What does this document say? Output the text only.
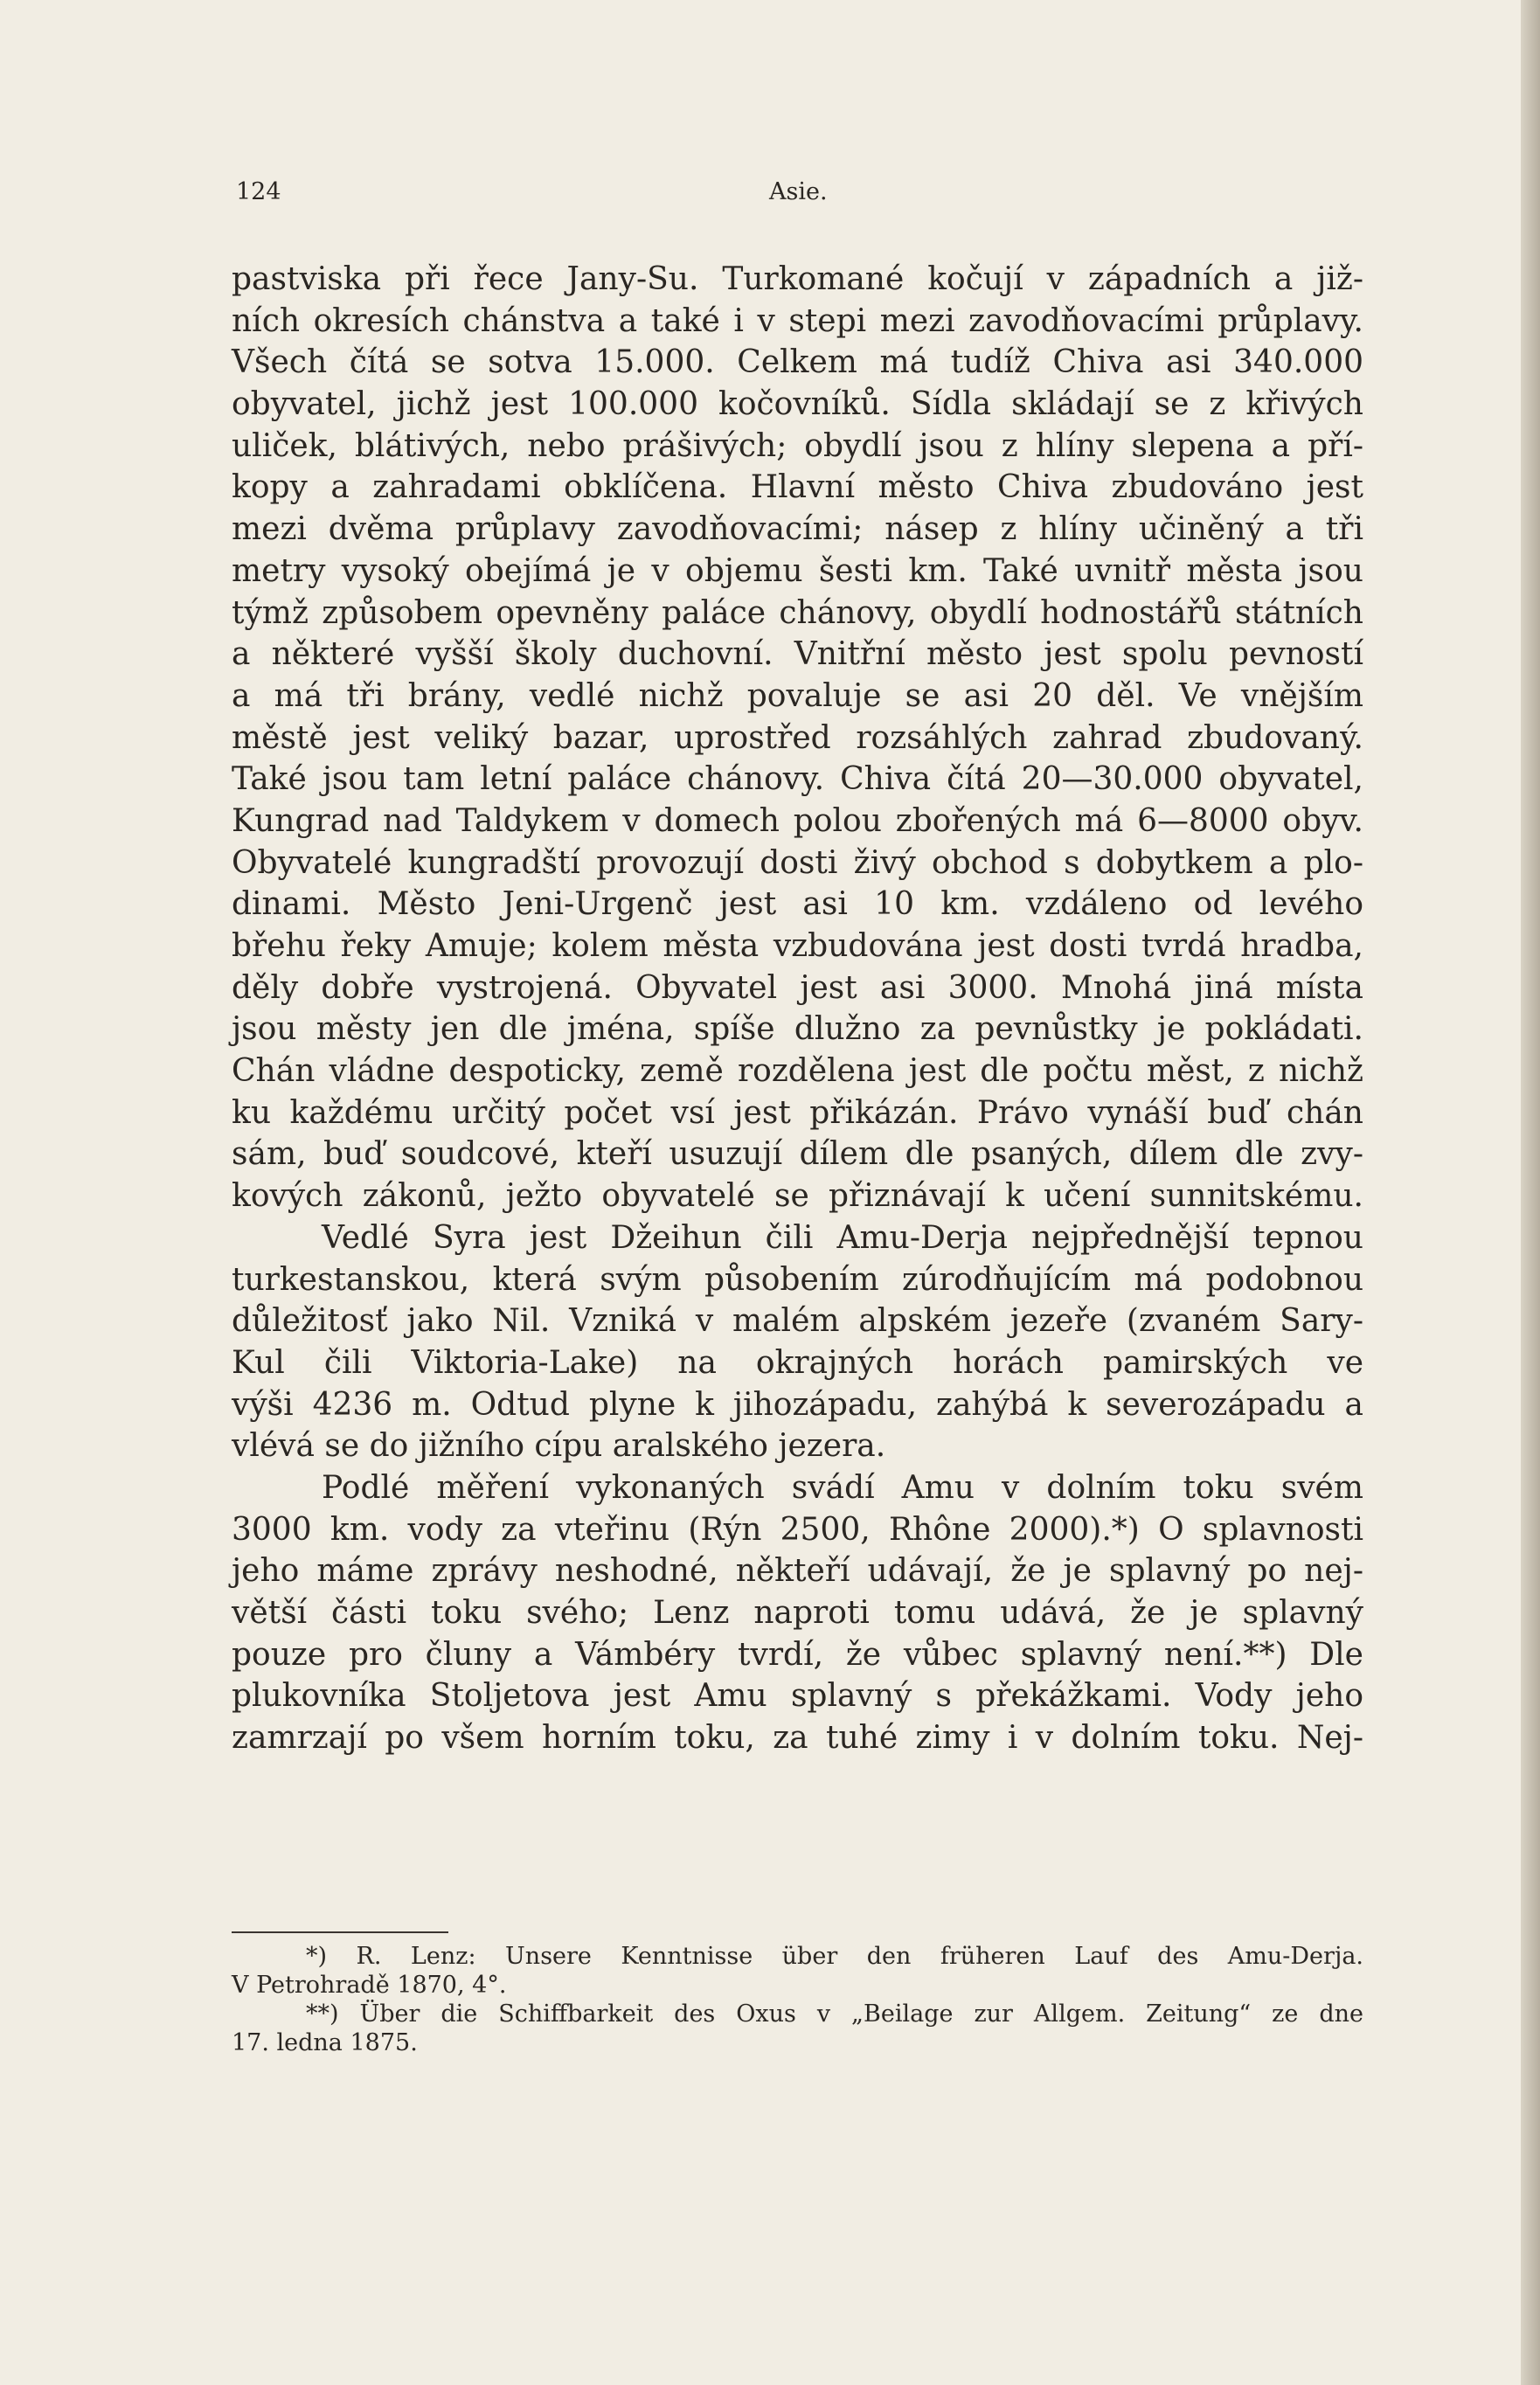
124	Asie.
pastviska při řece Jany-Su. Turkomané kočují v západních a již-
ních okresích chánstva a také i v stepi mezi zavodňovacími průplavy.
Všech čítá se sotva 15.000. Celkem má tudíž Chiva asi 340.000
obyvatel, jichž jest 100.000 kočovníků. Sídla skládají se z křivých
uliček, blátivých, nebo prášivých; obydlí jsou z hlíny slepena a pří-
kopy a zahradami obklíčena. Hlavní město Chiva zbudováno jest
mezi dvěma průplavy zavodňovacími; násep z hlíny učiněný a tři
metry vysoký obejímá je v objemu šesti km. Také uvnitř města jsou
týmž způsobem opevněny paláce chánovy, obydlí hodnostářů státních
a některé vyšší školy duchovní. Vnitřní město jest spolu pevností
a má tři brány, vedlé nichž povaluje se asi 20 děl. Ve vnějším
městě jest veliký bazar, uprostřed rozsáhlých zahrad zbudovaný.
Také jsou tam letní paláce chánovy. Chiva čítá 20—30.000 obyvatel,
Kungrad nad Taldykem v domech polou zbořených má 6—8000 obyv.
Obyvatelé kungradští provozují dosti živý obchod s dobytkem a plo-
dinami. Město Jeni-Urgenč jest asi 10 km. vzdáleno od levého
břehu řeky Amuje; kolem města vzbudována jest dosti tvrdá hradba,
děly dobře vystrojená. Obyvatel jest asi 3000. Mnohá jiná místa
jsou městy jen dle jména, spíše dlužno za pevnůstky je pokládati.
Chán vládne despoticky, země rozdělena jest dle počtu měst, z nichž
ku každému určitý počet vsí jest přikázán. Právo vynáší buď chán
sám, buď soudcové, kteří usuzují dílem dle psaných, dílem dle zvy-
kových zákonů, ježto obyvatelé se přiznávají k učení sunnitskému.
Vedlé Syra jest Džeihun čili Amu-Derja nejpřednější tepnou
turkestanskou, která svým působením zúrodňujícím má podobnou
důležitosť jako Nil. Vzniká v malém alpském jezeře (zvaném Sary-
Kul čili Viktoria-Lake) na okrajných horách pamirských ve
výši 4236 m. Odtud plyne k jihozápadu, zahýbá k severozápadu a
vlévá se do jižního cípu aralského jezera.
Podlé měření vykonaných svádí Amu v dolním toku svém
3000 km. vody za vteřinu (Rýn 2500, Rhône 2000).*) O splavnosti
jeho máme zprávy neshodné, někteří udávají, že je splavný po nej-
větší části toku svého; Lenz naproti tomu udává, že je splavný
pouze pro čluny a Vámbéry tvrdí, že vůbec splavný není.**) Dle
plukovníka Stoljetova jest Amu splavný s překážkami. Vody jeho
zamrzají po všem horním toku, za tuhé zimy i v dolním toku. Nej-
*) R. Lenz: Unsere Kenntnisse über den früheren Lauf des Amu-Derja.
V Petrohradě 1870, 4°.
**) Über die Schiffbarkeit des Oxus v „Beilage zur Allgem. Zeitung“ ze dne
17. ledna 1875.
